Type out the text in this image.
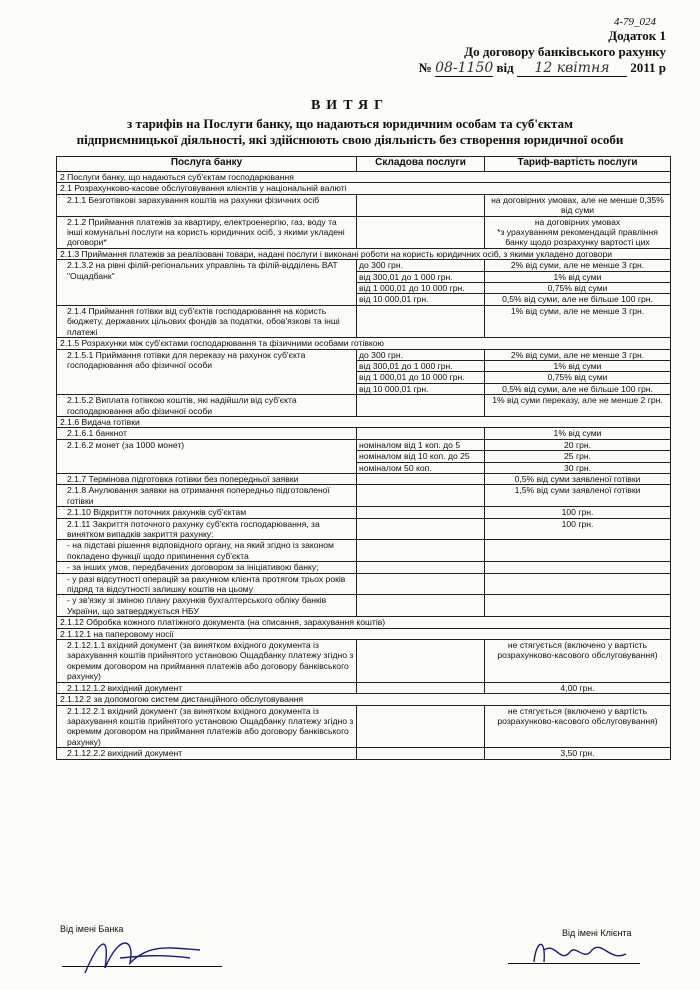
4-79_024
Додаток 1
До договору банківського рахунку
№ 08-1150 від 12 квітня 2011 р
ВИТЯГ
з тарифів на Послуги банку, що надаються юридичним особам та суб'єктам
підприємницької діяльності, які здійснюють свою діяльність без створення юридичної особи
Послуга банку	Складова послуги	Тариф-вартість послуги
2 Послуги банку, що надаються суб'єктам господарювання		
2.1 Розрахунково-касове обслуговування клієнтів у національній валюті		
2.1.1 Безготівкові зарахування коштів на рахунки фізичних осіб		на договірних умовах, але не менше 0,35% від суми

2.1.2 Приймання платежів за квартиру, електроенергію, газ, воду та інші комунальні послуги на користь юридичних осіб, з якими укладені договори*		на договірних умовах
*з урахуванням рекомендацій правління банку щодо розрахунку вартості цих

2.1.3 Приймання платежів за реалізовані товари, надані послуги і виконані роботи на користь юридичних осіб, з якими укладено договори		
2.1.3.2 на рівні філій-регіональних управлінь та філій-відділень ВАТ "Ощадбанк"	до 300 грн.	2% від суми, але не менше 3 грн.
	від 300,01 до 1 000 грн.	1% від суми
	від 1 000,01 до 10 000 грн.	0,75% від суми
	від 10 000,01 грн.	0,5% від суми, але не більше 100 грн.
2.1.4 Приймання готівки від суб'єктів господарювання на користь бюджету, державних цільових фондів за податки, обов'язкові та інші платежі		1% від суми, але не менше 3 грн.

2.1.5 Розрахунки між суб'єктами господарювання та фізичними особами готівкою		
2.1.5.1 Приймання готівки для переказу на рахунок суб'єкта господарювання або фізичної особи	до 300 грн.	2% від суми, але не менше 3 грн.
	від 300,01 до 1 000 грн.	1% від суми
	від 1 000,01 до 10 000 грн.	0,75% від суми
	від 10 000,01 грн.	0,5% від суми, але не більше 100 грн.
2.1.5.2 Виплата готівкою коштів, які надійшли від суб'єкта господарювання або фізичної особи		1% від суми переказу, але не менше 2 грн.

2.1.6 Видача готівки		
2.1.6.1 банкнот		1% від суми

2.1.6.2 монет (за 1000 монет)	номіналом від 1 коп. до 5	20 грн.
	номіналом від 10 коп. до 25	25 грн.
	номіналом 50 коп.	30 грн.
2.1.7 Термінова підготовка готівки без попередньої заявки		0,5% від суми заявленої готівки

2.1.8 Анулювання заявки на отримання попередньо підготовленої готівки		1,5% від суми заявленої готівки

2.1.10 Відкриття поточних рахунків суб'єктам		100 грн.

2.1.11 Закриття поточного рахунку суб'єкта господарювання, за винятком випадків закриття рахунку:		100 грн.

- на підставі рішення відповідного органу, на який згідно із законом покладено функції щодо припинення суб'єкта		

- за інших умов, передбачених договором за ініціативою банку;		

- у разі відсутності операцій за рахунком клієнта протягом трьох років підряд та відсутності залишку коштів на цьому		

- у зв'язку зі зміною плану рахунків бухгалтерського обліку банків України, що затверджується НБУ		

2.1.12 Обробка кожного платіжного документа (на списання, зарахування коштів)		
2.1.12.1 на паперовому носії		
2.1.12.1.1 вхідний документ (за винятком вхідного документа із зарахування коштів прийнятого установою Ощадбанку платежу згідно з окремим договором на приймання платежів або договору банківського рахунку)		не стягується (включено у вартість розрахунково-касового обслуговування)

2.1.12.1.2 вихідний документ		4,00 грн.

2.1.12.2 за допомогою систем дистанційного обслуговування		
2.1.12.2.1 вхідний документ (за винятком вхідного документа із зарахування коштів прийнятого установою Ощадбанку платежу згідно з окремим договором на приймання платежів або договору банківського рахунку)		не стягується (включено у вартість розрахунково-касового обслуговування)

2.1.12.2.2 вихідний документ		3,50 грн.
Від імені Банка	Від імені Клієнта
